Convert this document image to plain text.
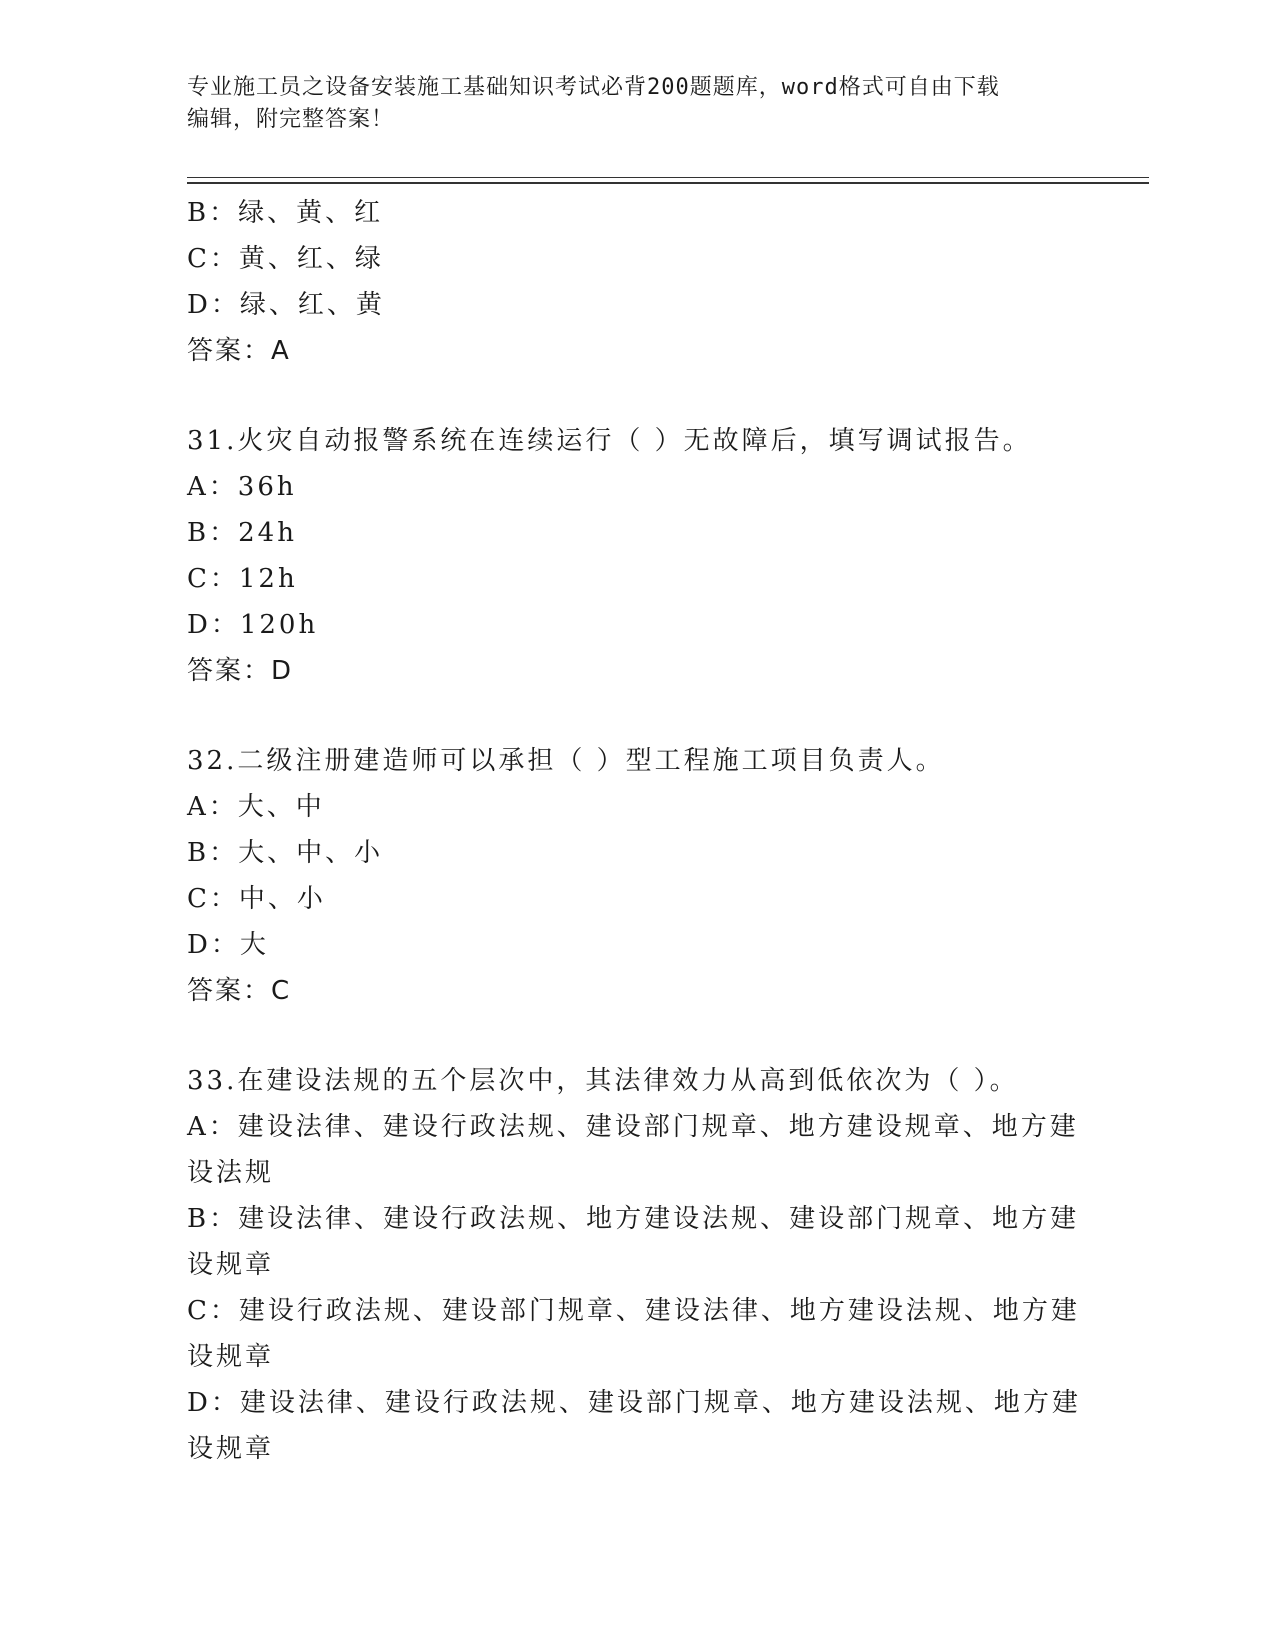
专业施工员之设备安装施工基础知识考试必背200题题库，word格式可自由下载
编辑，附完整答案！
B：绿、黄、红
C：黄、红、绿
D：绿、红、黄
答案：A
31.火灾自动报警系统在连续运行（ ）无故障后，填写调试报告。
A：36h
B：24h
C：12h
D：120h
答案：D
32.二级注册建造师可以承担（ ）型工程施工项目负责人。
A：大、中
B：大、中、小
C：中、小
D：大
答案：C
33.在建设法规的五个层次中，其法律效力从高到低依次为（ ）。
A：建设法律、建设行政法规、建设部门规章、地方建设规章、地方建
设法规
B：建设法律、建设行政法规、地方建设法规、建设部门规章、地方建
设规章
C：建设行政法规、建设部门规章、建设法律、地方建设法规、地方建
设规章
D：建设法律、建设行政法规、建设部门规章、地方建设法规、地方建
设规章
